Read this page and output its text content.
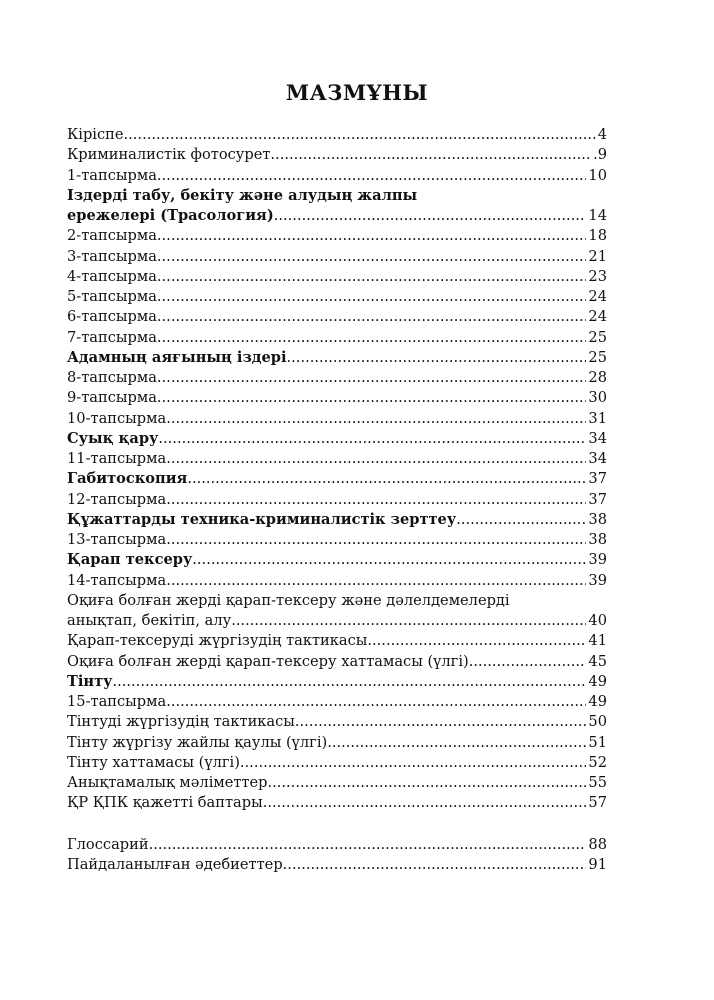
МАЗМҰНЫ
Кіріспе .....	4
Криминалистік фотосурет .....	.9
1-тапсырма .....	10
Іздерді табу, бекіту және алудың жалпы
ережелері (Трасология) .....	14
2-тапсырма .....	18
3-тапсырма .....	21
4-тапсырма .....	23
5-тапсырма .....	24
6-тапсырма .....	24
7-тапсырма .....	25
Адамның аяғының іздері .....	25
8-тапсырма .....	28
9-тапсырма .....	30
10-тапсырма .....	31
Суық қару .....	34
11-тапсырма .....	34
Габитоскопия .....	37
12-тапсырма .....	37
Құжаттарды техника-криминалистік зерттеу .....	38
13-тапсырма .....	38
Қарап тексеру .....	39
14-тапсырма .....	39
Оқиға болған жерді қарап-тексеру және дәлелдемелерді
анықтап, бекітіп, алу .....	40
Қарап-тексеруді жүргізудің тактикасы .....	41
Оқиға болған жерді қарап-тексеру хаттамасы (үлгі) .....	45
Тінту .....	49
15-тапсырма .....	49
Тінтуді жүргізудің тактикасы .....	50
Тінту жүргізу жайлы қаулы (үлгі) .....	51
Тінту хаттамасы (үлгі) .....	52
Анықтамалық мәліметтер .....	55
ҚР ҚПК қажетті баптары .....	57
Глоссарий .....	88
Пайдаланылған әдебиеттер .....	91
